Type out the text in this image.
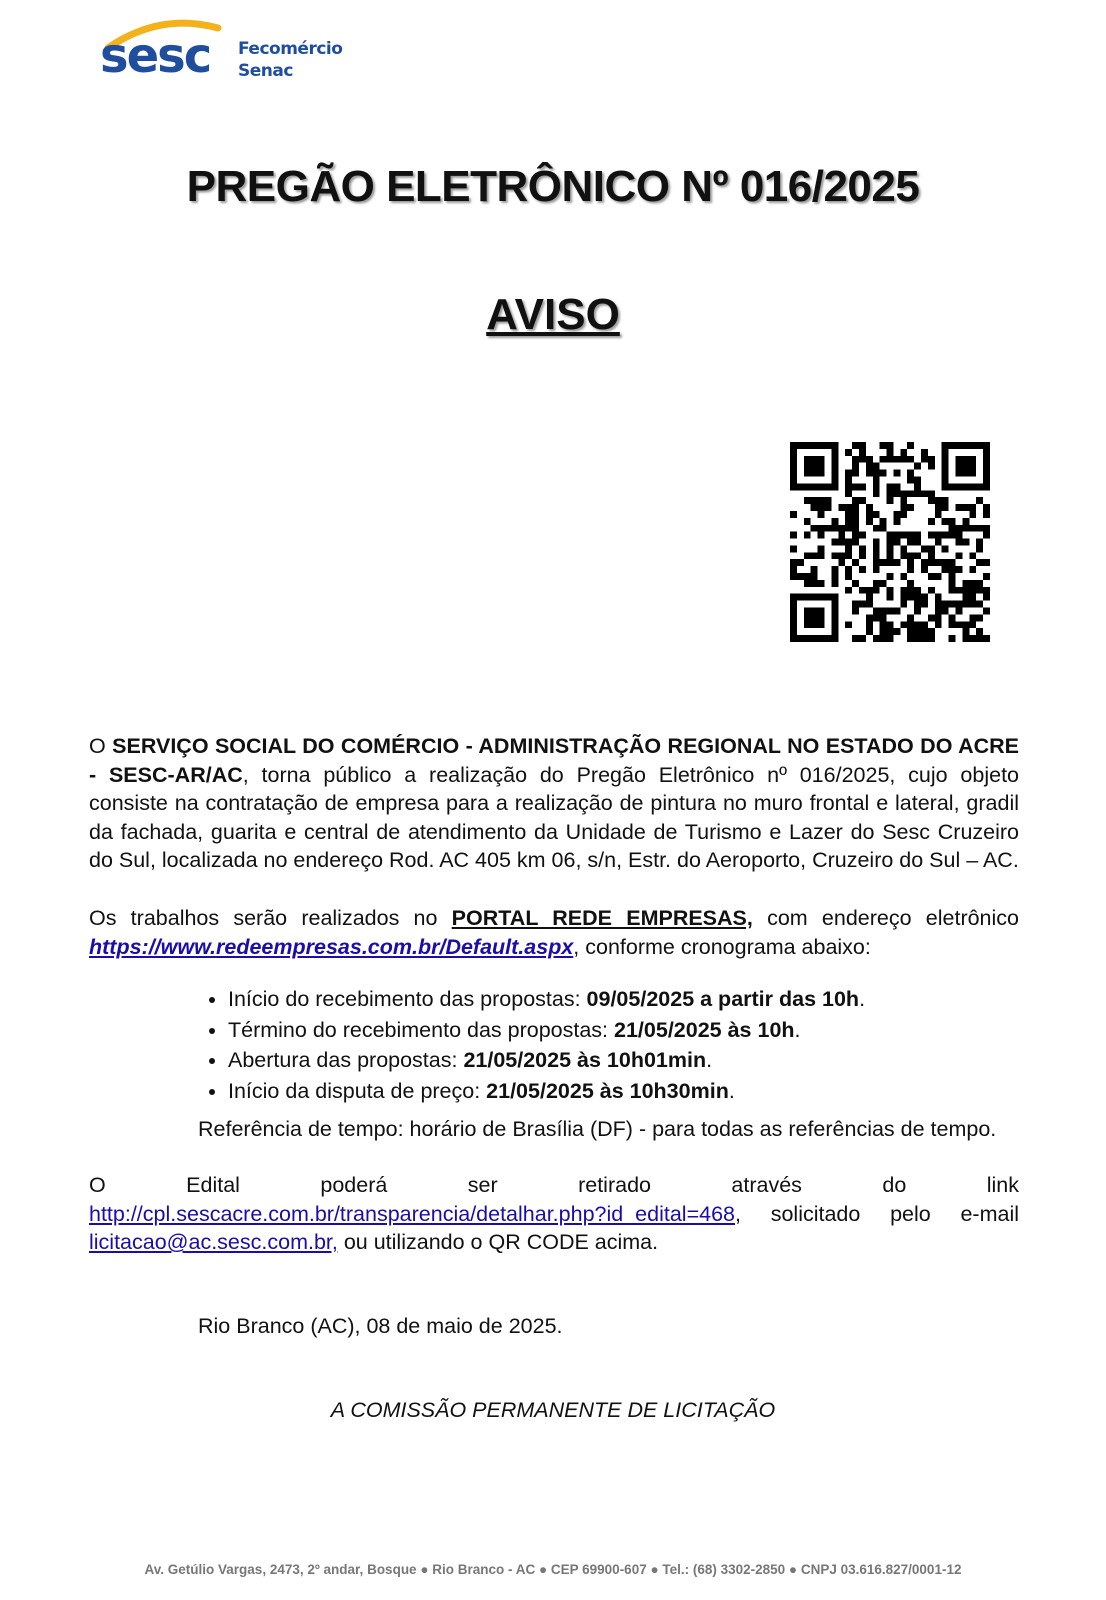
sesc Fecomércio
Senac
PREGÃO ELETRÔNICO Nº 016/2025
AVISO
O SERVIÇO SOCIAL DO COMÉRCIO - ADMINISTRAÇÃO REGIONAL NO ESTADO DO ACRE - SESC-AR/AC, torna público a realização do Pregão Eletrônico nº 016/2025, cujo objeto consiste na contratação de empresa para a realização de pintura no muro frontal e lateral, gradil da fachada, guarita e central de atendimento da Unidade de Turismo e Lazer do Sesc Cruzeiro do Sul, localizada no endereço Rod. AC 405 km 06, s/n, Estr. do Aeroporto, Cruzeiro do Sul – AC.
Os trabalhos serão realizados no PORTAL REDE EMPRESAS, com endereço eletrônico https://www.redeempresas.com.br/Default.aspx, conforme cronograma abaixo:
• Início do recebimento das propostas: 09/05/2025 a partir das 10h.
• Término do recebimento das propostas: 21/05/2025 às 10h.
• Abertura das propostas: 21/05/2025 às 10h01min.
• Início da disputa de preço: 21/05/2025 às 10h30min.
Referência de tempo: horário de Brasília (DF) - para todas as referências de tempo.
O Edital poderá ser retirado através do link
http://cpl.sescacre.com.br/transparencia/detalhar.php?id_edital=468, solicitado pelo e-mail
licitacao@ac.sesc.com.br, ou utilizando o QR CODE acima.
Rio Branco (AC), 08 de maio de 2025.
A COMISSÃO PERMANENTE DE LICITAÇÃO
Av. Getúlio Vargas, 2473, 2º andar, Bosque ● Rio Branco - AC ● CEP 69900-607 ● Tel.: (68) 3302-2850 ● CNPJ 03.616.827/0001-12
